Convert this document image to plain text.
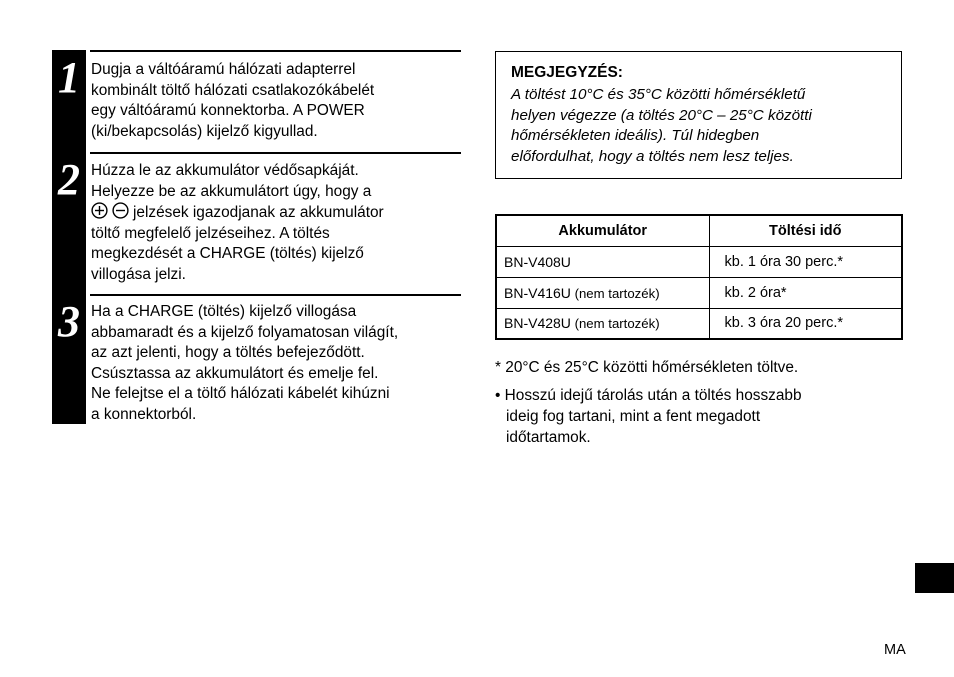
1 Dugja a váltóáramú hálózati adapterrel
kombinált töltő hálózati csatlakozókábelét
egy váltóáramú konnektorba. A POWER
(ki/bekapcsolás) kijelző kigyullad.
2 Húzza le az akkumulátor védősapkáját.
Helyezze be az akkumulátort úgy, hogy a
jelzések igazodjanak az akkumulátor
töltő megfelelő jelzéseihez. A töltés
megkezdését a CHARGE (töltés) kijelző
villogása jelzi.
3 Ha a CHARGE (töltés) kijelző villogása
abbamaradt és a kijelző folyamatosan világít,
az azt jelenti, hogy a töltés befejeződött.
Csúsztassa az akkumulátort és emelje fel.
Ne felejtse el a töltő hálózati kábelét kihúzni
a konnektorból.
MEGJEGYZÉS:
A töltést 10°C és 35°C közötti hőmérsékletű
helyen végezze (a töltés 20°C – 25°C közötti
hőmérsékleten ideális). Túl hidegben
előfordulhat, hogy a töltés nem lesz teljes.
Akkumulátor	Töltési idő
BN-V408U	kb. 1 óra 30 perc.*
BN-V416U (nem tartozék)	kb. 2 óra*
BN-V428U (nem tartozék)	kb. 3 óra 20 perc.*
* 20°C és 25°C közötti hőmérsékleten töltve.
• Hosszú idejű tárolás után a töltés hosszabb
ideig fog tartani, mint a fent megadott
időtartamok.
MA
